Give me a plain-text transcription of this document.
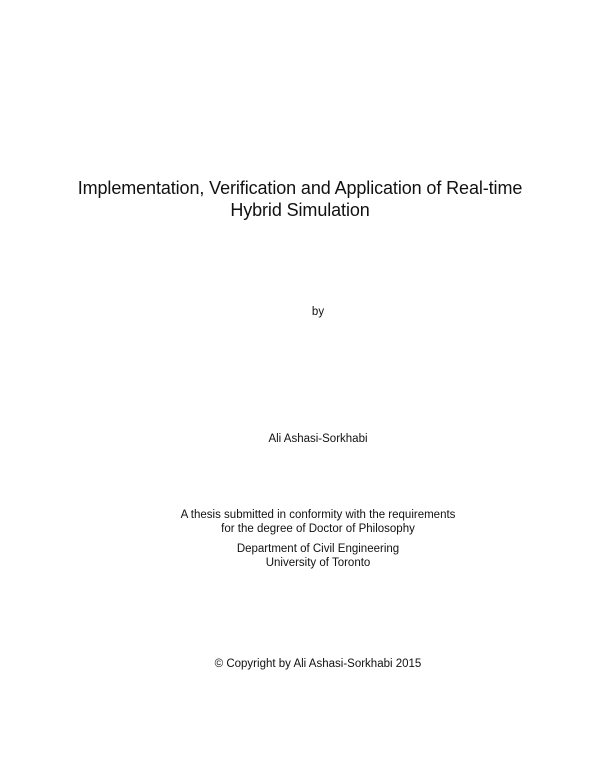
Implementation, Verification and Application of Real-time
Hybrid Simulation
by
Ali Ashasi-Sorkhabi
A thesis submitted in conformity with the requirements
for the degree of Doctor of Philosophy
Department of Civil Engineering
University of Toronto
© Copyright by Ali Ashasi-Sorkhabi 2015
